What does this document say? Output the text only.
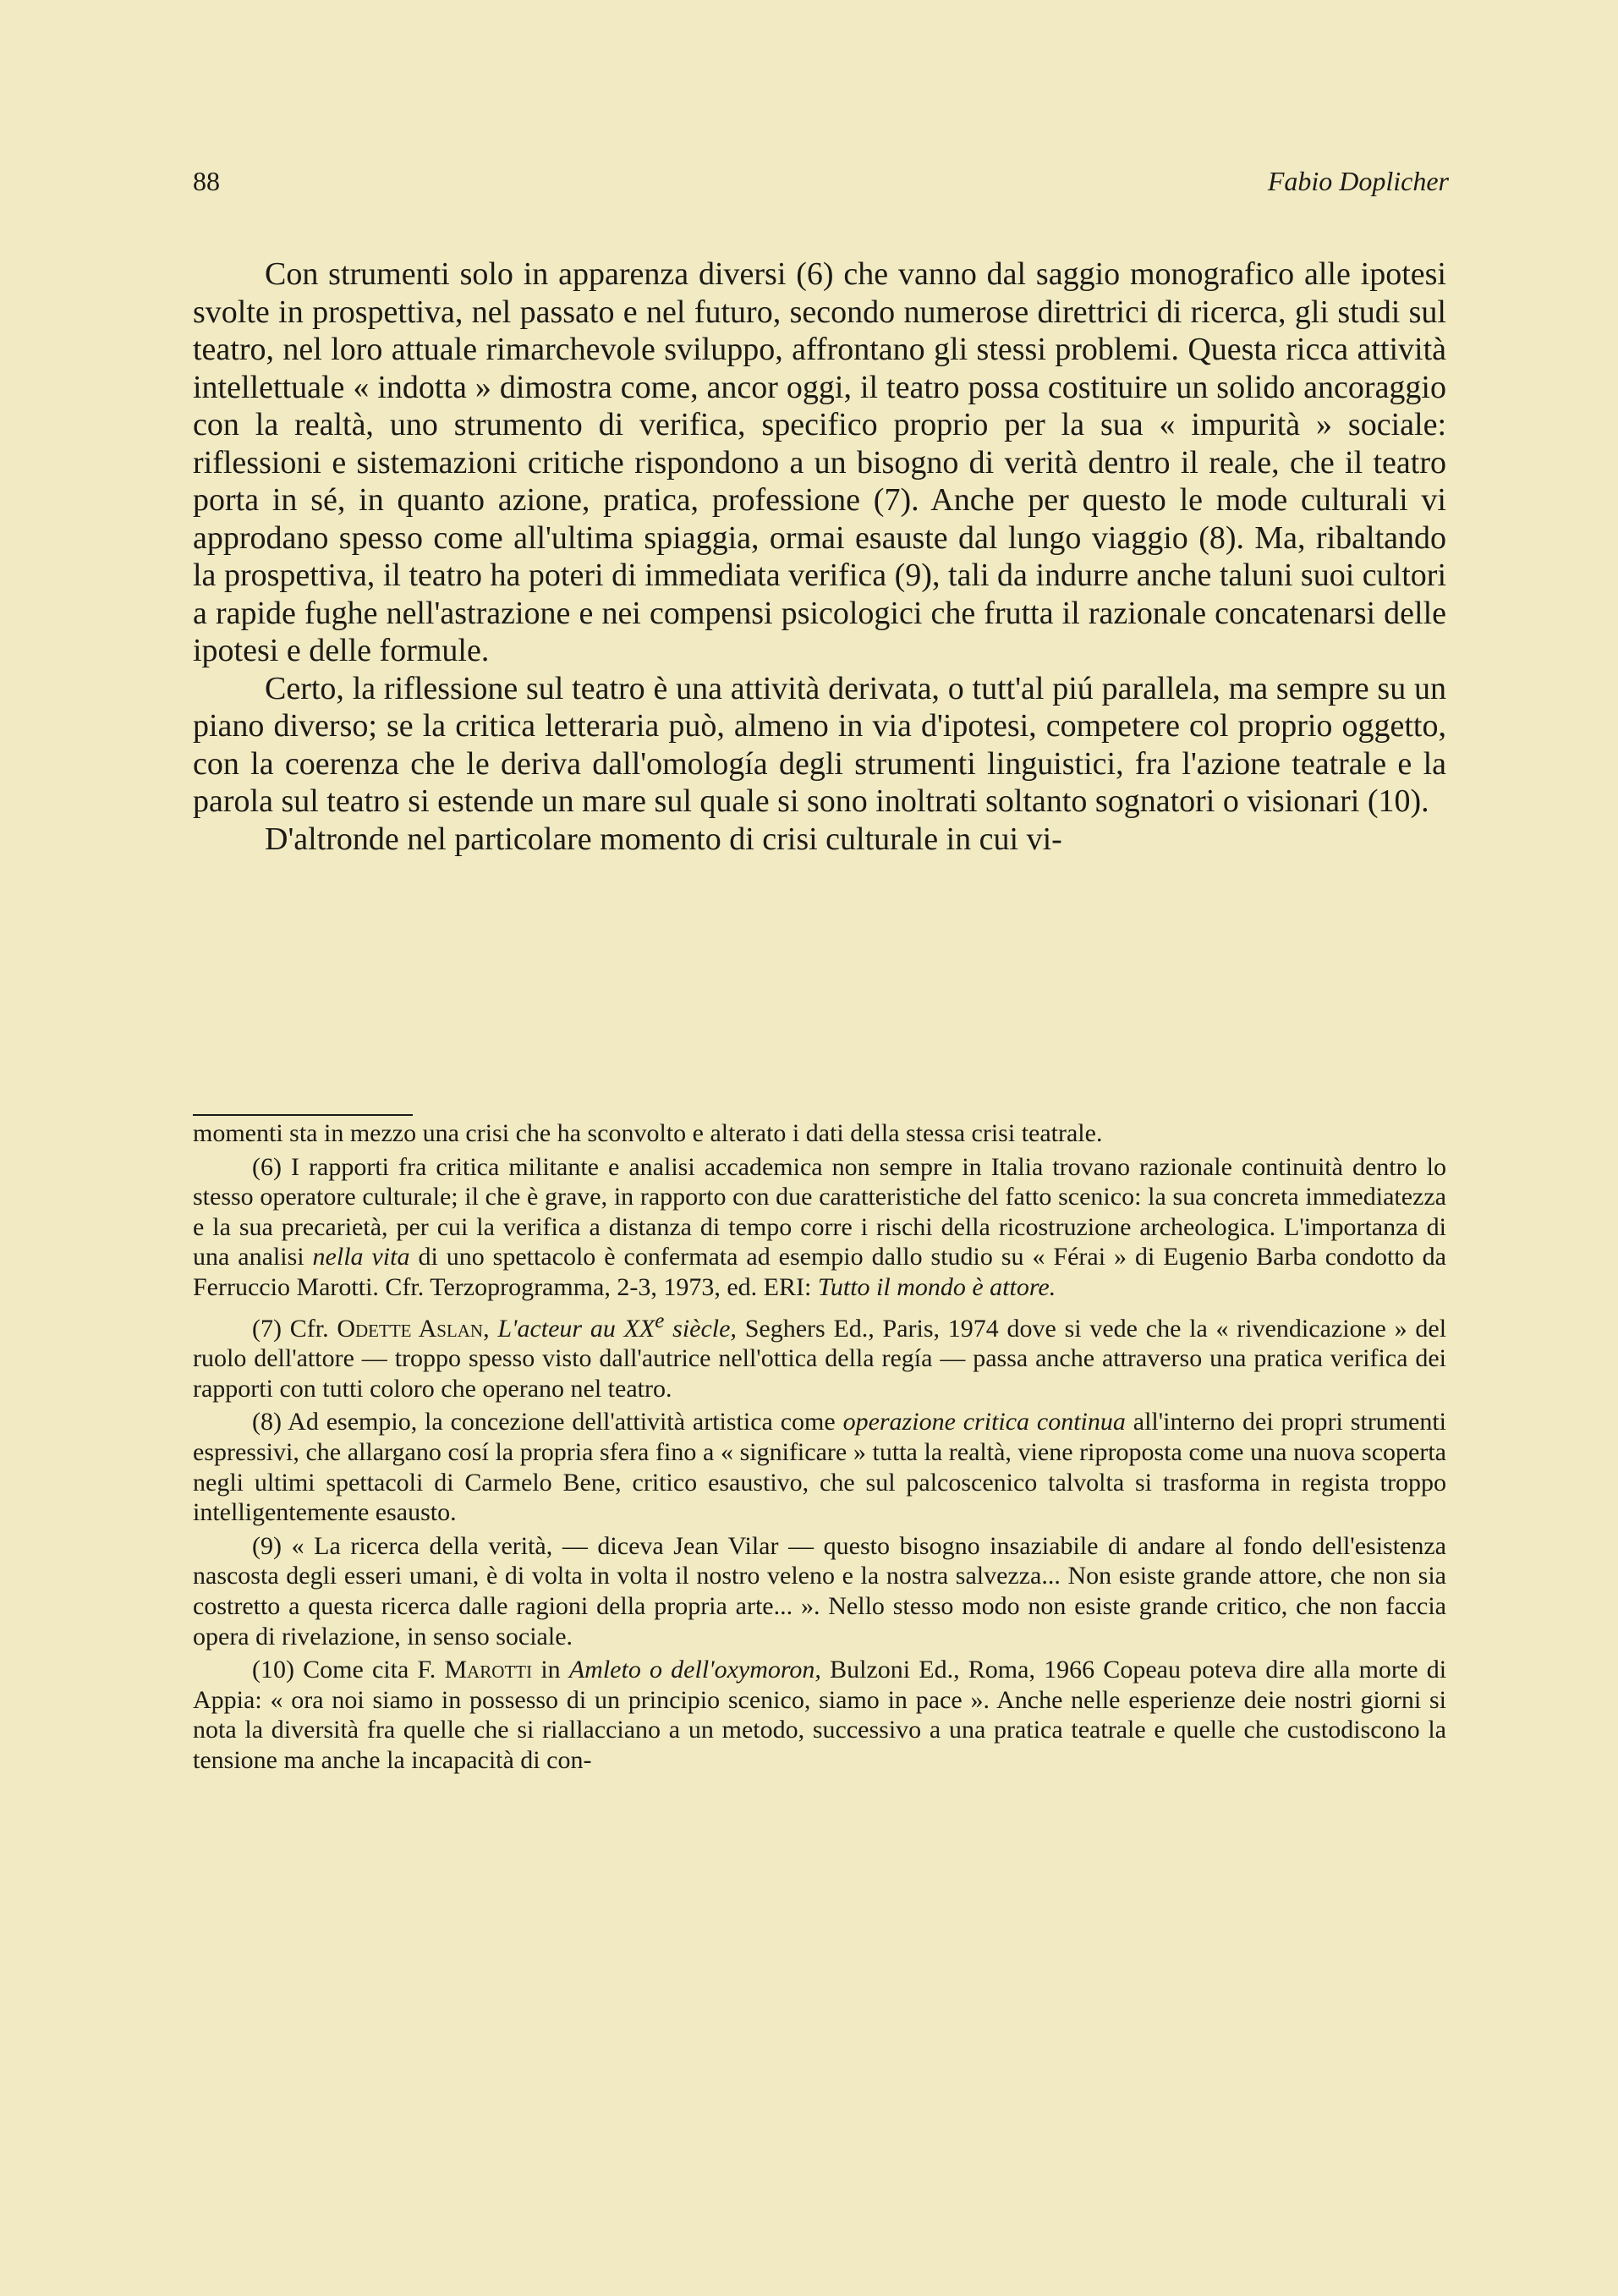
88	Fabio Doplicher

Con strumenti solo in apparenza diversi (6) che vanno dal saggio monografico alle ipotesi svolte in prospettiva, nel passato e nel futuro, secondo numerose direttrici di ricerca, gli studi sul teatro, nel loro attuale rimarchevole sviluppo, affrontano gli stessi problemi. Questa ricca attività intellettuale « indotta » dimostra come, ancor oggi, il teatro possa costituire un solido ancoraggio con la realtà, uno strumento di verifica, specifico proprio per la sua « impurità » sociale: riflessioni e sistemazioni critiche rispondono a un bisogno di verità dentro il reale, che il teatro porta in sé, in quanto azione, pratica, professione (7). Anche per questo le mode culturali vi approdano spesso come all'ultima spiaggia, ormai esauste dal lungo viaggio (8). Ma, ribaltando la prospettiva, il teatro ha poteri di immediata verifica (9), tali da indurre anche taluni suoi cultori a rapide fughe nell'astrazione e nei compensi psicologici che frutta il razionale concatenarsi delle ipotesi e delle formule.

Certo, la riflessione sul teatro è una attività derivata, o tutt'al piú parallela, ma sempre su un piano diverso; se la critica letteraria può, almeno in via d'ipotesi, competere col proprio oggetto, con la coerenza che le deriva dall'omología degli strumenti linguistici, fra l'azione teatrale e la parola sul teatro si estende un mare sul quale si sono inoltrati soltanto sognatori o visionari (10).

D'altronde nel particolare momento di crisi culturale in cui vi-

momenti sta in mezzo una crisi che ha sconvolto e alterato i dati della stessa crisi teatrale.

(6) I rapporti fra critica militante e analisi accademica non sempre in Italia trovano razionale continuità dentro lo stesso operatore culturale; il che è grave, in rapporto con due caratteristiche del fatto scenico: la sua concreta immediatezza e la sua precarietà, per cui la verifica a distanza di tempo corre i rischi della ricostruzione archeologica. L'importanza di una analisi nella vita di uno spettacolo è confermata ad esempio dallo studio su « Férai » di Eugenio Barba condotto da Ferruccio Marotti. Cfr. Terzoprogramma, 2-3, 1973, ed. ERI: Tutto il mondo è attore.

(7) Cfr. Odette Aslan, L'acteur au XXe siècle, Seghers Ed., Paris, 1974 dove si vede che la « rivendicazione » del ruolo dell'attore — troppo spesso visto dall'autrice nell'ottica della regía — passa anche attraverso una pratica verifica dei rapporti con tutti coloro che operano nel teatro.

(8) Ad esempio, la concezione dell'attività artistica come operazione critica continua all'interno dei propri strumenti espressivi, che allargano cosí la propria sfera fino a « significare » tutta la realtà, viene riproposta come una nuova scoperta negli ultimi spettacoli di Carmelo Bene, critico esaustivo, che sul palcoscenico talvolta si trasforma in regista troppo intelligentemente esausto.

(9) « La ricerca della verità, — diceva Jean Vilar — questo bisogno insaziabile di andare al fondo dell'esistenza nascosta degli esseri umani, è di volta in volta il nostro veleno e la nostra salvezza... Non esiste grande attore, che non sia costretto a questa ricerca dalle ragioni della propria arte... ». Nello stesso modo non esiste grande critico, che non faccia opera di rivelazione, in senso sociale.

(10) Come cita F. Marotti in Amleto o dell'oxymoron, Bulzoni Ed., Roma, 1966 Copeau poteva dire alla morte di Appia: « ora noi siamo in possesso di un principio scenico, siamo in pace ». Anche nelle esperienze deie nostri giorni si nota la diversità fra quelle che si riallacciano a un metodo, successivo a una pratica teatrale e quelle che custodiscono la tensione ma anche la incapacità di con-
